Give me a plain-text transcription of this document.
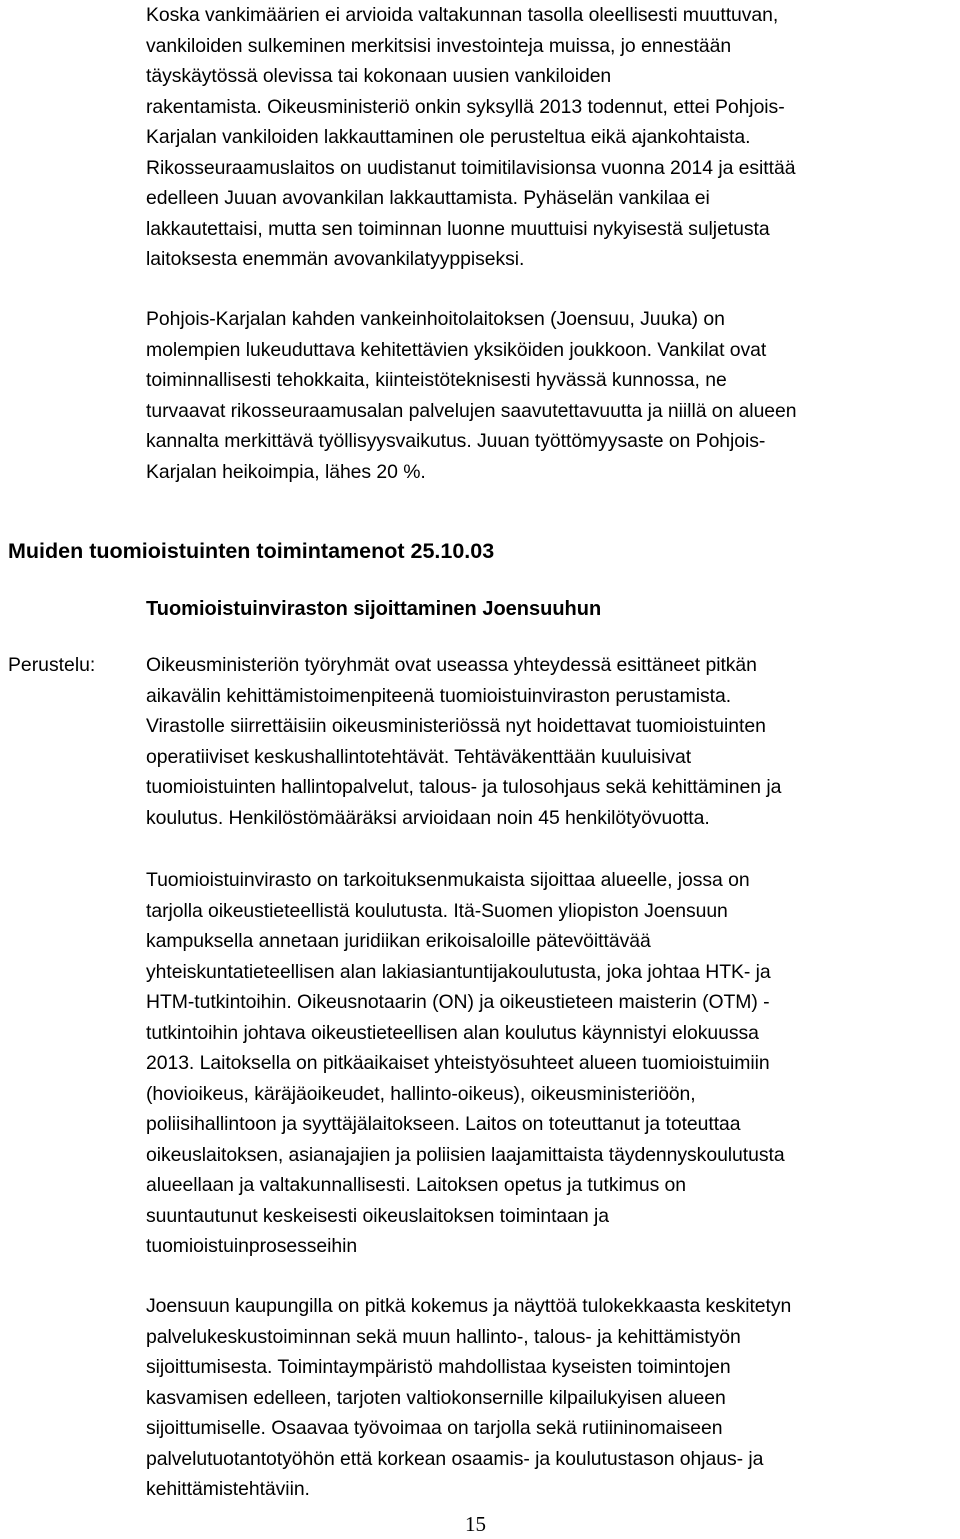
Koska vankimäärien ei arvioida valtakunnan tasolla oleellisesti muuttuvan,
vankiloiden sulkeminen merkitsisi investointeja muissa, jo ennestään
täyskäytössä olevissa tai kokonaan uusien vankiloiden
rakentamista. Oikeusministeriö onkin syksyllä 2013 todennut, ettei Pohjois-
Karjalan vankiloiden lakkauttaminen ole perusteltua eikä ajankohtaista.
Rikosseuraamuslaitos on uudistanut toimitilavisionsa vuonna 2014 ja esittää
edelleen Juuan avovankilan lakkauttamista. Pyhäselän vankilaa ei
lakkautettaisi, mutta sen toiminnan luonne muuttuisi nykyisestä suljetusta
laitoksesta enemmän avovankilatyyppiseksi.

Pohjois-Karjalan kahden vankeinhoitolaitoksen (Joensuu, Juuka) on
molempien lukeuduttava kehitettävien yksiköiden joukkoon. Vankilat ovat
toiminnallisesti tehokkaita, kiinteistöteknisesti hyvässä kunnossa, ne
turvaavat rikosseuraamusalan palvelujen saavutettavuutta ja niillä on alueen
kannalta merkittävä työllisyysvaikutus. Juuan työttömyysaste on Pohjois-
Karjalan heikoimpia, lähes 20 %.

Muiden tuomioistuinten toimintamenot 25.10.03
Tuomioistuinviraston sijoittaminen Joensuuhun
Perustelu:	Oikeusministeriön työryhmät ovat useassa yhteydessä esittäneet pitkän
aikavälin kehittämistoimenpiteenä tuomioistuinviraston perustamista.
Virastolle siirrettäisiin oikeusministeriössä nyt hoidettavat tuomioistuinten
operatiiviset keskushallintotehtävät. Tehtäväkenttään kuuluisivat
tuomioistuinten hallintopalvelut, talous- ja tulosohjaus sekä kehittäminen ja
koulutus. Henkilöstömääräksi arvioidaan noin 45 henkilötyövuotta.

Tuomioistuinvirasto on tarkoituksenmukaista sijoittaa alueelle, jossa on
tarjolla oikeustieteellistä koulutusta. Itä-Suomen yliopiston Joensuun
kampuksella annetaan juridiikan erikoisaloille pätevöittävää
yhteiskuntatieteellisen alan lakiasiantuntijakoulutusta, joka johtaa HTK- ja
HTM-tutkintoihin. Oikeusnotaarin (ON) ja oikeustieteen maisterin (OTM) -
tutkintoihin johtava oikeustieteellisen alan koulutus käynnistyi elokuussa
2013. Laitoksella on pitkäaikaiset yhteistyösuhteet alueen tuomioistuimiin
(hovioikeus, käräjäoikeudet, hallinto-oikeus), oikeusministeriöön,
poliisihallintoon ja syyttäjälaitokseen. Laitos on toteuttanut ja toteuttaa
oikeuslaitoksen, asianajajien ja poliisien laajamittaista täydennyskoulutusta
alueellaan ja valtakunnallisesti. Laitoksen opetus ja tutkimus on
suuntautunut keskeisesti oikeuslaitoksen toimintaan ja
tuomioistuinprosesseihin

Joensuun kaupungilla on pitkä kokemus ja näyttöä tulokekkaasta keskitetyn
palvelukeskustoiminnan sekä muun hallinto-, talous- ja kehittämistyön
sijoittumisesta. Toimintaympäristö mahdollistaa kyseisten toimintojen
kasvamisen edelleen, tarjoten valtiokonsernille kilpailukyisen alueen
sijoittumiselle. Osaavaa työvoimaa on tarjolla sekä rutiininomaiseen
palvelutuotantotyöhön että korkean osaamis- ja koulutustason ohjaus- ja
kehittämistehtäviin.

15
